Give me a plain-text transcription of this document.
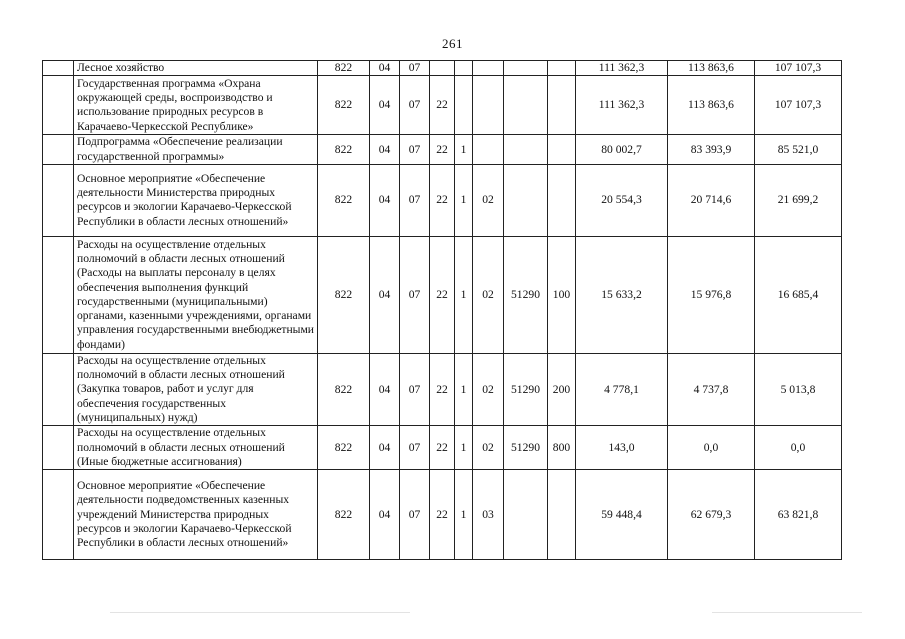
261
	Лесное хозяйство	822	04	07						111 362,3	113 863,6	107 107,3
	Государственная программа «Охрана окружающей среды, воспроизводство и использование природных ресурсов в Карачаево-Черкесской Республике»	822	04	07	22					111 362,3	113 863,6	107 107,3
	Подпрограмма «Обеспечение реализации государственной программы»	822	04	07	22	1				80 002,7	83 393,9	85 521,0
	Основное мероприятие «Обеспечение деятельности Министерства природных ресурсов и экологии Карачаево-Черкесской Республики в области лесных отношений»	822	04	07	22	1	02			20 554,3	20 714,6	21 699,2
	Расходы на осуществление отдельных полномочий в области лесных отношений (Расходы на выплаты персоналу в целях обеспечения выполнения функций государственными (муниципальными) органами, казенными учреждениями, органами управления государственными внебюджетными фондами)	822	04	07	22	1	02	51290	100	15 633,2	15 976,8	16 685,4
	Расходы на осуществление отдельных полномочий в области лесных отношений (Закупка товаров, работ и услуг для обеспечения государственных (муниципальных) нужд)	822	04	07	22	1	02	51290	200	4 778,1	4 737,8	5 013,8
	Расходы на осуществление отдельных полномочий в области лесных отношений (Иные бюджетные ассигнования)	822	04	07	22	1	02	51290	800	143,0	0,0	0,0
	Основное мероприятие «Обеспечение деятельности подведомственных казенных учреждений Министерства природных ресурсов и экологии Карачаево-Черкесской Республики в области лесных отношений»	822	04	07	22	1	03			59 448,4	62 679,3	63 821,8
